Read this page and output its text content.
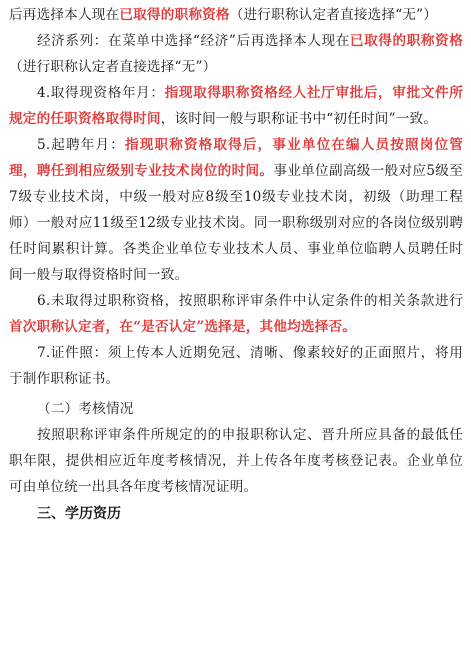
后再选择本人现在已取得的职称资格（进行职称认定者直接选择“无”）

经济系列：在菜单中选择“经济”后再选择本人现在已取得的职称资格（进行职称认定者直接选择“无”）

4.取得现资格年月：指现取得职称资格经人社厅审批后，审批文件所规定的任职资格取得时间，该时间一般与职称证书中“初任时间”一致。

5.起聘年月：指现职称资格取得后，事业单位在编人员按照岗位管理，聘任到相应级别专业技术岗位的时间。事业单位副高级一般对应5级至7级专业技术岗，中级一般对应8级至10级专业技术岗，初级（助理工程师）一般对应11级至12级专业技术岗。同一职称级别对应的各岗位级别聘任时间累积计算。各类企业单位专业技术人员、事业单位临聘人员聘任时间一般与取得资格时间一致。

6.未取得过职称资格，按照职称评审条件中认定条件的相关条款进行首次职称认定者，在“是否认定”选择是，其他均选择否。

7.证件照：须上传本人近期免冠、清晰、像素较好的正面照片，将用于制作职称证书。

（二）考核情况

按照职称评审条件所规定的的申报职称认定、晋升所应具备的最低任职年限，提供相应近年度考核情况，并上传各年度考核登记表。企业单位可由单位统一出具各年度考核情况证明。

三、学历资历
